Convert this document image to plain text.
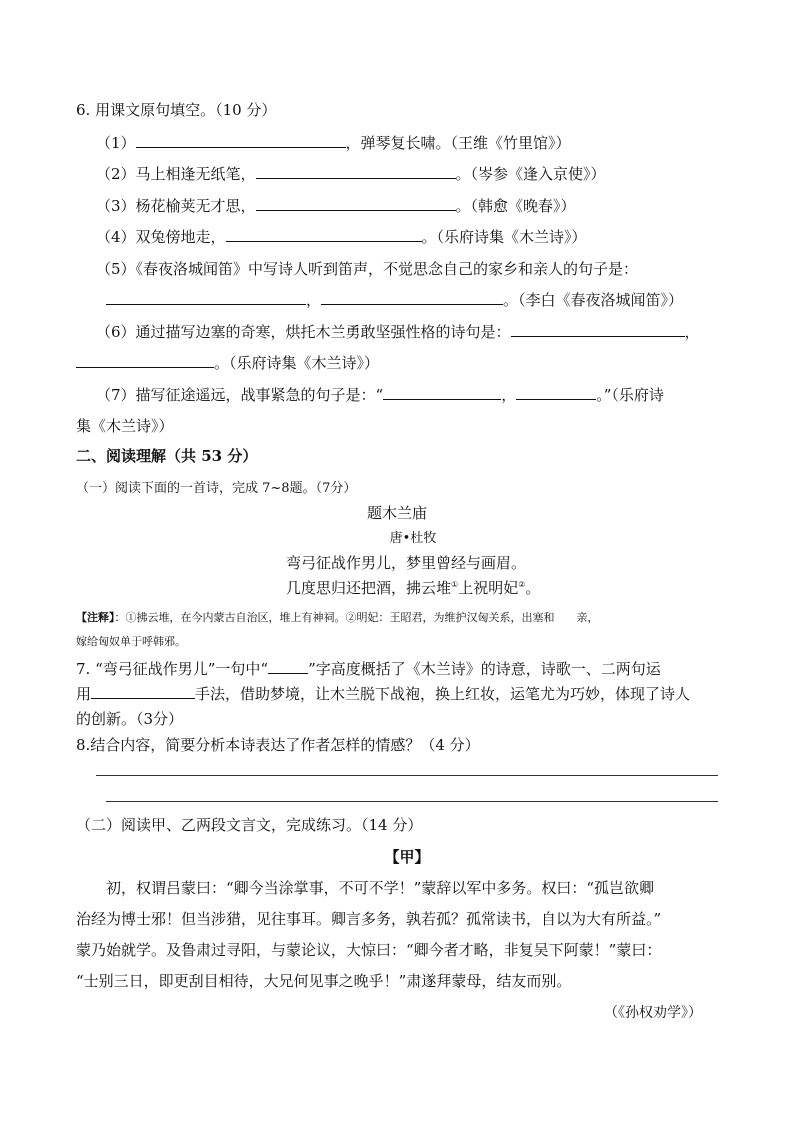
6. 用课文原句填空。（10 分）
（1）	，弹琴复长啸。（王维《竹里馆》）
（2）马上相逢无纸笔，	。（岑参《逢入京使》）
（3）杨花榆荚无才思，	。（韩愈《晚春》）
（4）双兔傍地走，	。（乐府诗集《木兰诗》）
（5）《春夜洛城闻笛》中写诗人听到笛声，不觉思念自己的家乡和亲人的句子是：
，	。（李白《春夜洛城闻笛》）
（6）通过描写边塞的奇寒，烘托木兰勇敢坚强性格的诗句是：	，
。（乐府诗集《木兰诗》）
（7）描写征途遥远，战事紧急的句子是：“	，	。”（乐府诗
集《木兰诗》）
二、阅读理解（共 53 分）
（一）阅读下面的一首诗，完成 7~8题。（7分）
题木兰庙
唐•杜牧
弯弓征战作男儿，梦里曾经与画眉。
几度思归还把酒，拂云堆①上祝明妃②。
【注释】：①拂云堆，在今内蒙古自治区，堆上有神祠。②明妃：王昭君，为维护汉匈关系，出塞和 亲，
嫁给匈奴单于呼韩邪。
7. “弯弓征战作男儿”一句中“	”字高度概括了《木兰诗》的诗意，诗歌一、二两句运
用	手法，借助梦境，让木兰脱下战袍，换上红妆，运笔尤为巧妙，体现了诗人
的创新。（3分）
8.结合内容，简要分析本诗表达了作者怎样的情感？（4 分）
（二）阅读甲、乙两段文言文，完成练习。（14 分）
【甲】
初，权谓吕蒙曰：“卿今当涂掌事，不可不学！”蒙辞以军中多务。权曰：“孤岂欲卿
治经为博士邪！但当涉猎，见往事耳。卿言多务，孰若孤？孤常读书，自以为大有所益。”
蒙乃始就学。及鲁肃过寻阳，与蒙论议，大惊曰：“卿今者才略，非复吴下阿蒙！”蒙曰：
“士别三日，即更刮目相待，大兄何见事之晚乎！”肃遂拜蒙母，结友而别。
（《孙权劝学》）
